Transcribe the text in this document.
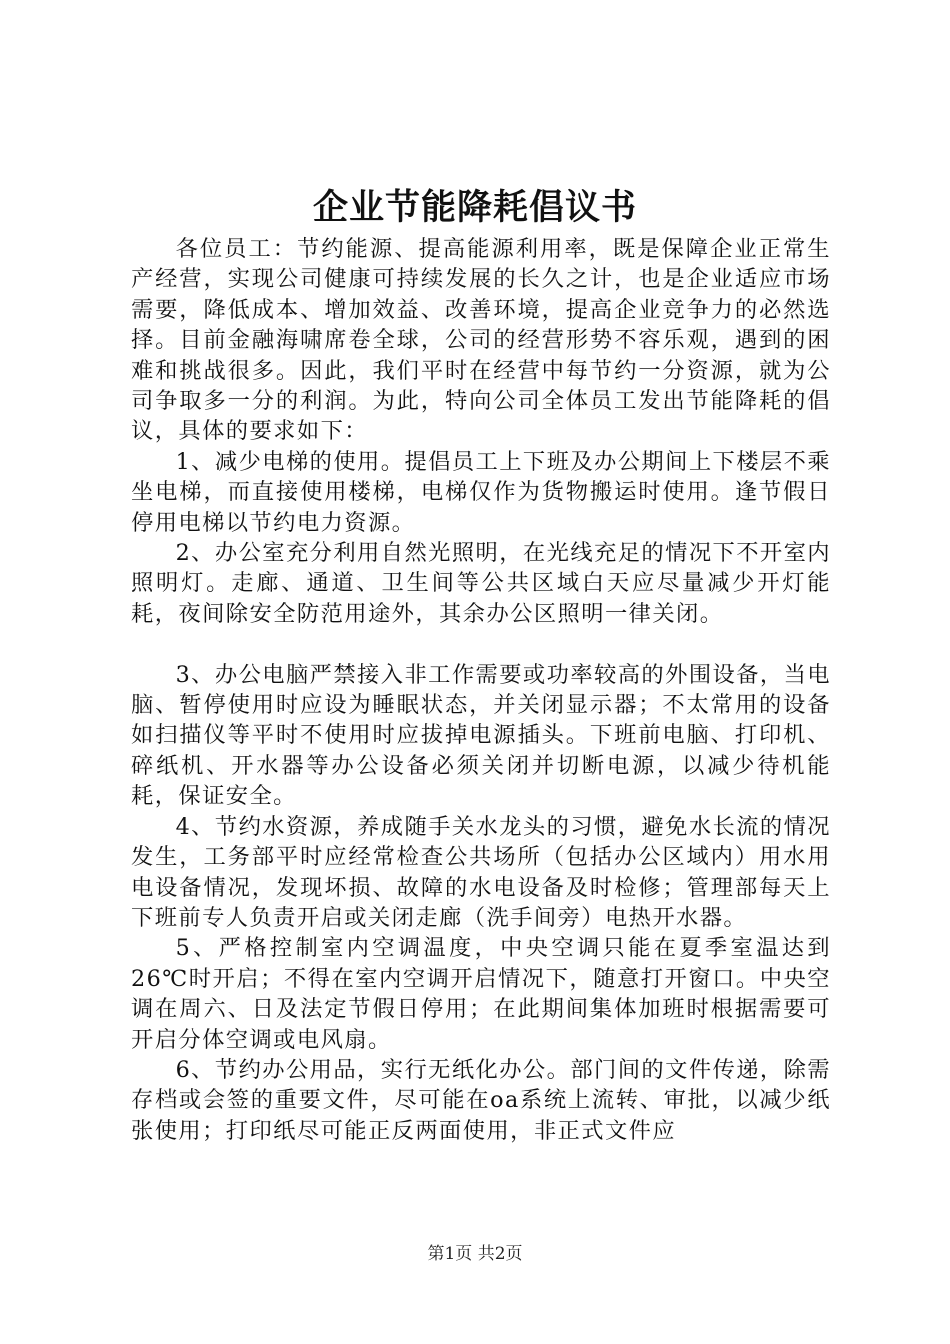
企业节能降耗倡议书

各位员工：节约能源、提高能源利用率，既是保障企业正常生产经营，实现公司健康可持续发展的长久之计，也是企业适应市场需要，降低成本、增加效益、改善环境，提高企业竞争力的必然选择。目前金融海啸席卷全球，公司的经营形势不容乐观，遇到的困难和挑战很多。因此，我们平时在经营中每节约一分资源，就为公司争取多一分的利润。为此，特向公司全体员工发出节能降耗的倡议，具体的要求如下：

1、减少电梯的使用。提倡员工上下班及办公期间上下楼层不乘坐电梯，而直接使用楼梯，电梯仅作为货物搬运时使用。逢节假日停用电梯以节约电力资源。

2、办公室充分利用自然光照明，在光线充足的情况下不开室内照明灯。走廊、通道、卫生间等公共区域白天应尽量减少开灯能耗，夜间除安全防范用途外，其余办公区照明一律关闭。

3、办公电脑严禁接入非工作需要或功率较高的外围设备，当电脑、暂停使用时应设为睡眠状态，并关闭显示器；不太常用的设备如扫描仪等平时不使用时应拔掉电源插头。下班前电脑、打印机、碎纸机、开水器等办公设备必须关闭并切断电源，以减少待机能耗，保证安全。

4、节约水资源，养成随手关水龙头的习惯，避免水长流的情况发生，工务部平时应经常检查公共场所（包括办公区域内）用水用电设备情况，发现坏损、故障的水电设备及时检修；管理部每天上下班前专人负责开启或关闭走廊（洗手间旁）电热开水器。

5、严格控制室内空调温度，中央空调只能在夏季室温达到26℃时开启；不得在室内空调开启情况下，随意打开窗口。中央空调在周六、日及法定节假日停用；在此期间集体加班时根据需要可开启分体空调或电风扇。

6、节约办公用品，实行无纸化办公。部门间的文件传递，除需存档或会签的重要文件，尽可能在oa系统上流转、审批，以减少纸张使用；打印纸尽可能正反两面使用，非正式文件应

第1页 共2页
